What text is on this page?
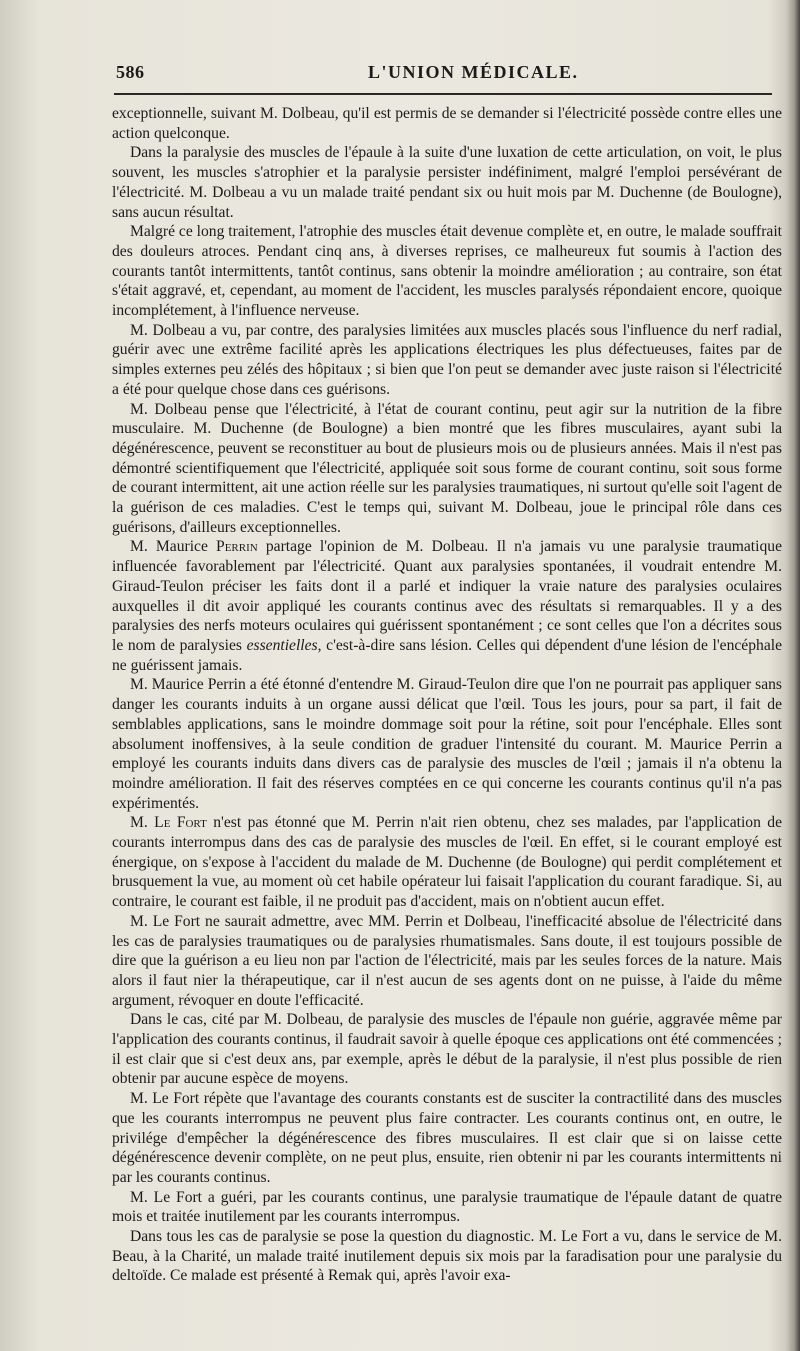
586	L'UNION MÉDICALE.

exceptionnelle, suivant M. Dolbeau, qu'il est permis de se demander si l'électricité possède contre elles une action quelconque.

Dans la paralysie des muscles de l'épaule à la suite d'une luxation de cette articulation, on voit, le plus souvent, les muscles s'atrophier et la paralysie persister indéfiniment, malgré l'emploi persévérant de l'électricité. M. Dolbeau a vu un malade traité pendant six ou huit mois par M. Duchenne (de Boulogne), sans aucun résultat.

Malgré ce long traitement, l'atrophie des muscles était devenue complète et, en outre, le malade souffrait des douleurs atroces. Pendant cinq ans, à diverses reprises, ce malheureux fut soumis à l'action des courants tantôt intermittents, tantôt continus, sans obtenir la moindre amélioration ; au contraire, son état s'était aggravé, et, cependant, au moment de l'accident, les muscles paralysés répondaient encore, quoique incomplétement, à l'influence nerveuse.

M. Dolbeau a vu, par contre, des paralysies limitées aux muscles placés sous l'influence du nerf radial, guérir avec une extrême facilité après les applications électriques les plus défectueuses, faites par de simples externes peu zélés des hôpitaux ; si bien que l'on peut se demander avec juste raison si l'électricité a été pour quelque chose dans ces guérisons.

M. Dolbeau pense que l'électricité, à l'état de courant continu, peut agir sur la nutrition de la fibre musculaire. M. Duchenne (de Boulogne) a bien montré que les fibres musculaires, ayant subi la dégénérescence, peuvent se reconstituer au bout de plusieurs mois ou de plusieurs années. Mais il n'est pas démontré scientifiquement que l'électricité, appliquée soit sous forme de courant continu, soit sous forme de courant intermittent, ait une action réelle sur les paralysies traumatiques, ni surtout qu'elle soit l'agent de la guérison de ces maladies. C'est le temps qui, suivant M. Dolbeau, joue le principal rôle dans ces guérisons, d'ailleurs exceptionnelles.

M. Maurice Perrin partage l'opinion de M. Dolbeau. Il n'a jamais vu une paralysie traumatique influencée favorablement par l'électricité. Quant aux paralysies spontanées, il voudrait entendre M. Giraud-Teulon préciser les faits dont il a parlé et indiquer la vraie nature des paralysies oculaires auxquelles il dit avoir appliqué les courants continus avec des résultats si remarquables. Il y a des paralysies des nerfs moteurs oculaires qui guérissent spontanément ; ce sont celles que l'on a décrites sous le nom de paralysies essentielles, c'est-à-dire sans lésion. Celles qui dépendent d'une lésion de l'encéphale ne guérissent jamais.

M. Maurice Perrin a été étonné d'entendre M. Giraud-Teulon dire que l'on ne pourrait pas appliquer sans danger les courants induits à un organe aussi délicat que l'œil. Tous les jours, pour sa part, il fait de semblables applications, sans le moindre dommage soit pour la rétine, soit pour l'encéphale. Elles sont absolument inoffensives, à la seule condition de graduer l'intensité du courant. M. Maurice Perrin a employé les courants induits dans divers cas de paralysie des muscles de l'œil ; jamais il n'a obtenu la moindre amélioration. Il fait des réserves comptées en ce qui concerne les courants continus qu'il n'a pas expérimentés.

M. Le Fort n'est pas étonné que M. Perrin n'ait rien obtenu, chez ses malades, par l'application de courants interrompus dans des cas de paralysie des muscles de l'œil. En effet, si le courant employé est énergique, on s'expose à l'accident du malade de M. Duchenne (de Boulogne) qui perdit complétement et brusquement la vue, au moment où cet habile opérateur lui faisait l'application du courant faradique. Si, au contraire, le courant est faible, il ne produit pas d'accident, mais on n'obtient aucun effet.

M. Le Fort ne saurait admettre, avec MM. Perrin et Dolbeau, l'inefficacité absolue de l'électricité dans les cas de paralysies traumatiques ou de paralysies rhumatismales. Sans doute, il est toujours possible de dire que la guérison a eu lieu non par l'action de l'électricité, mais par les seules forces de la nature. Mais alors il faut nier la thérapeutique, car il n'est aucun de ses agents dont on ne puisse, à l'aide du même argument, révoquer en doute l'efficacité.

Dans le cas, cité par M. Dolbeau, de paralysie des muscles de l'épaule non guérie, aggravée même par l'application des courants continus, il faudrait savoir à quelle époque ces applications ont été commencées ; il est clair que si c'est deux ans, par exemple, après le début de la paralysie, il n'est plus possible de rien obtenir par aucune espèce de moyens.

M. Le Fort répète que l'avantage des courants constants est de susciter la contractilité dans des muscles que les courants interrompus ne peuvent plus faire contracter. Les courants continus ont, en outre, le privilége d'empêcher la dégénérescence des fibres musculaires. Il est clair que si on laisse cette dégénérescence devenir complète, on ne peut plus, ensuite, rien obtenir ni par les courants intermittents ni par les courants continus.

M. Le Fort a guéri, par les courants continus, une paralysie traumatique de l'épaule datant de quatre mois et traitée inutilement par les courants interrompus.

Dans tous les cas de paralysie se pose la question du diagnostic. M. Le Fort a vu, dans le service de M. Beau, à la Charité, un malade traité inutilement depuis six mois par la faradisation pour une paralysie du deltoïde. Ce malade est présenté à Remak qui, après l'avoir exa-
